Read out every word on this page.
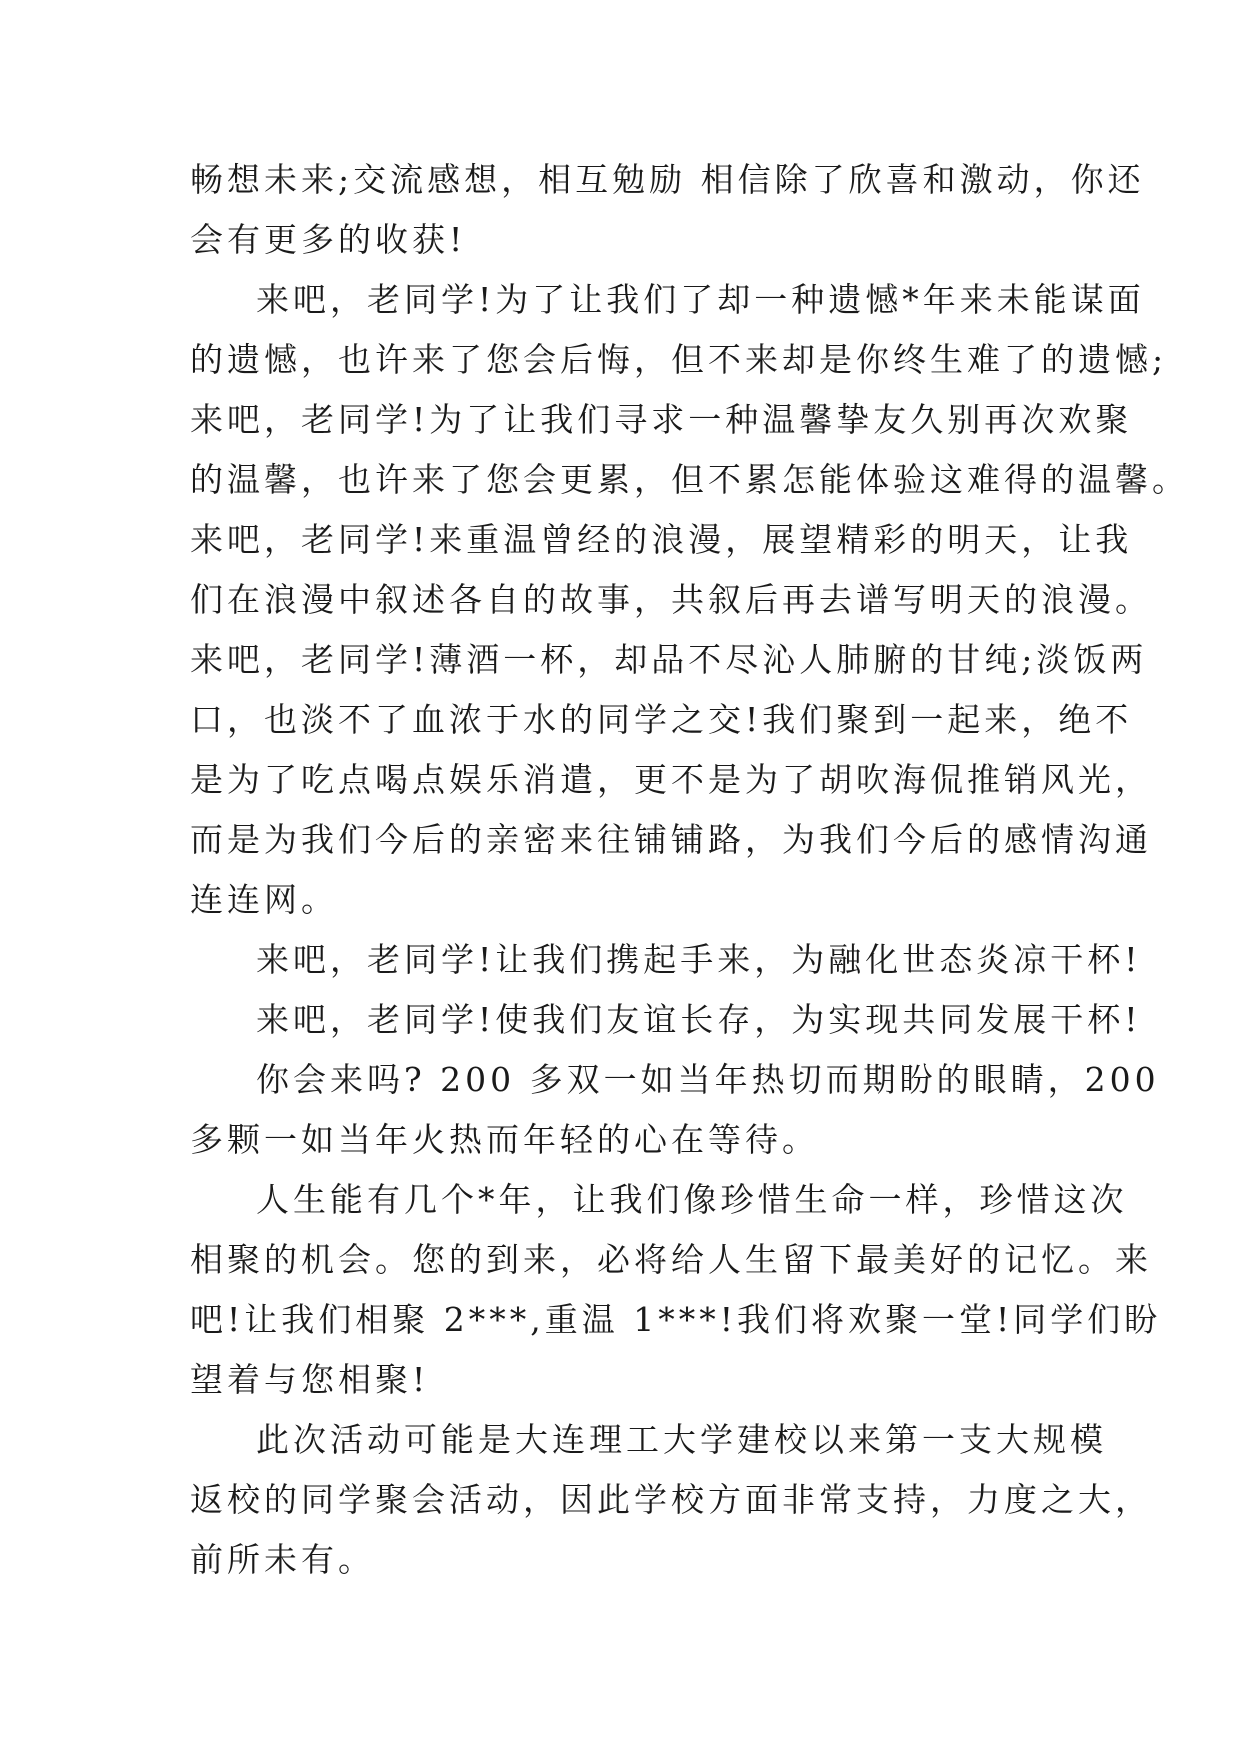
畅想未来;交流感想，相互勉励 相信除了欣喜和激动，你还
会有更多的收获!
来吧，老同学!为了让我们了却一种遗憾*年来未能谋面
的遗憾，也许来了您会后悔，但不来却是你终生难了的遗憾;
来吧，老同学!为了让我们寻求一种温馨挚友久别再次欢聚
的温馨，也许来了您会更累，但不累怎能体验这难得的温馨。
来吧，老同学!来重温曾经的浪漫，展望精彩的明天，让我
们在浪漫中叙述各自的故事，共叙后再去谱写明天的浪漫。
来吧，老同学!薄酒一杯，却品不尽沁人肺腑的甘纯;淡饭两
口，也淡不了血浓于水的同学之交!我们聚到一起来，绝不
是为了吃点喝点娱乐消遣，更不是为了胡吹海侃推销风光，
而是为我们今后的亲密来往铺铺路，为我们今后的感情沟通
连连网。
来吧，老同学!让我们携起手来，为融化世态炎凉干杯!
来吧，老同学!使我们友谊长存，为实现共同发展干杯!
你会来吗? 200 多双一如当年热切而期盼的眼睛，200
多颗一如当年火热而年轻的心在等待。
人生能有几个*年，让我们像珍惜生命一样，珍惜这次
相聚的机会。您的到来，必将给人生留下最美好的记忆。来
吧!让我们相聚 2***,重温 1***!我们将欢聚一堂!同学们盼
望着与您相聚!
此次活动可能是大连理工大学建校以来第一支大规模
返校的同学聚会活动，因此学校方面非常支持，力度之大，
前所未有。
